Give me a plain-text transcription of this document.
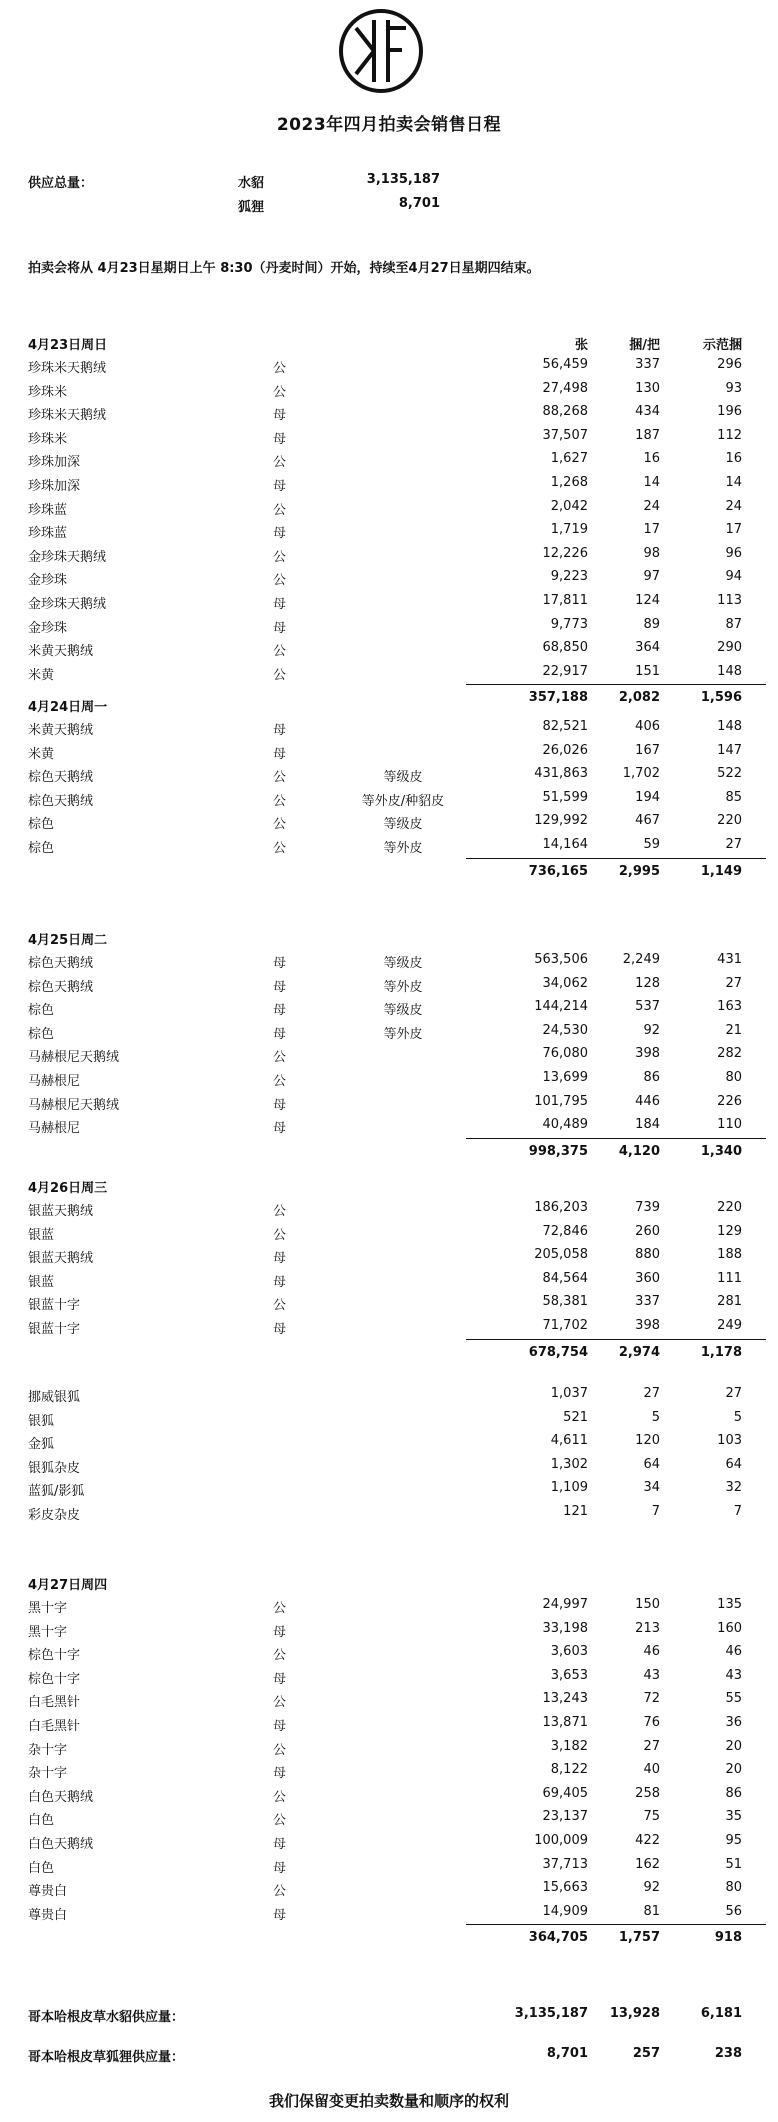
2023年四月拍卖会销售日程
供应总量：	水貂	3,135,187
狐狸	8,701
拍卖会将从 4月23日星期日上午 8:30（丹麦时间）开始，持续至4月27日星期四结束。
4月23日周日	张	捆/把	示范捆
珍珠米天鹅绒	公	56,459	337	296
珍珠米	公	27,498	130	93
珍珠米天鹅绒	母	88,268	434	196
珍珠米	母	37,507	187	112
珍珠加深	公	1,627	16	16
珍珠加深	母	1,268	14	14
珍珠蓝	公	2,042	24	24
珍珠蓝	母	1,719	17	17
金珍珠天鹅绒	公	12,226	98	96
金珍珠	公	9,223	97	94
金珍珠天鹅绒	母	17,811	124	113
金珍珠	母	9,773	89	87
米黄天鹅绒	公	68,850	364	290
米黄	公	22,917	151	148
357,188	2,082	1,596
4月24日周一
米黄天鹅绒	母	82,521	406	148
米黄	母	26,026	167	147
棕色天鹅绒	公	等级皮	431,863	1,702	522
棕色天鹅绒	公	等外皮/种貂皮	51,599	194	85
棕色	公	等级皮	129,992	467	220
棕色	公	等外皮	14,164	59	27
736,165	2,995	1,149
4月25日周二
棕色天鹅绒	母	等级皮	563,506	2,249	431
棕色天鹅绒	母	等外皮	34,062	128	27
棕色	母	等级皮	144,214	537	163
棕色	母	等外皮	24,530	92	21
马赫根尼天鹅绒	公	76,080	398	282
马赫根尼	公	13,699	86	80
马赫根尼天鹅绒	母	101,795	446	226
马赫根尼	母	40,489	184	110
998,375	4,120	1,340
4月26日周三
银蓝天鹅绒	公	186,203	739	220
银蓝	公	72,846	260	129
银蓝天鹅绒	母	205,058	880	188
银蓝	母	84,564	360	111
银蓝十字	公	58,381	337	281
银蓝十字	母	71,702	398	249
678,754	2,974	1,178
挪威银狐	1,037	27	27
银狐	521	5	5
金狐	4,611	120	103
银狐杂皮	1,302	64	64
蓝狐/影狐	1,109	34	32
彩皮杂皮	121	7	7
4月27日周四
黑十字	公	24,997	150	135
黑十字	母	33,198	213	160
棕色十字	公	3,603	46	46
棕色十字	母	3,653	43	43
白毛黑针	公	13,243	72	55
白毛黑针	母	13,871	76	36
杂十字	公	3,182	27	20
杂十字	母	8,122	40	20
白色天鹅绒	公	69,405	258	86
白色	公	23,137	75	35
白色天鹅绒	母	100,009	422	95
白色	母	37,713	162	51
尊贵白	公	15,663	92	80
尊贵白	母	14,909	81	56
364,705	1,757	918
哥本哈根皮草水貂供应量：	3,135,187	13,928	6,181
哥本哈根皮草狐狸供应量：	8,701	257	238
我们保留变更拍卖数量和顺序的权利
